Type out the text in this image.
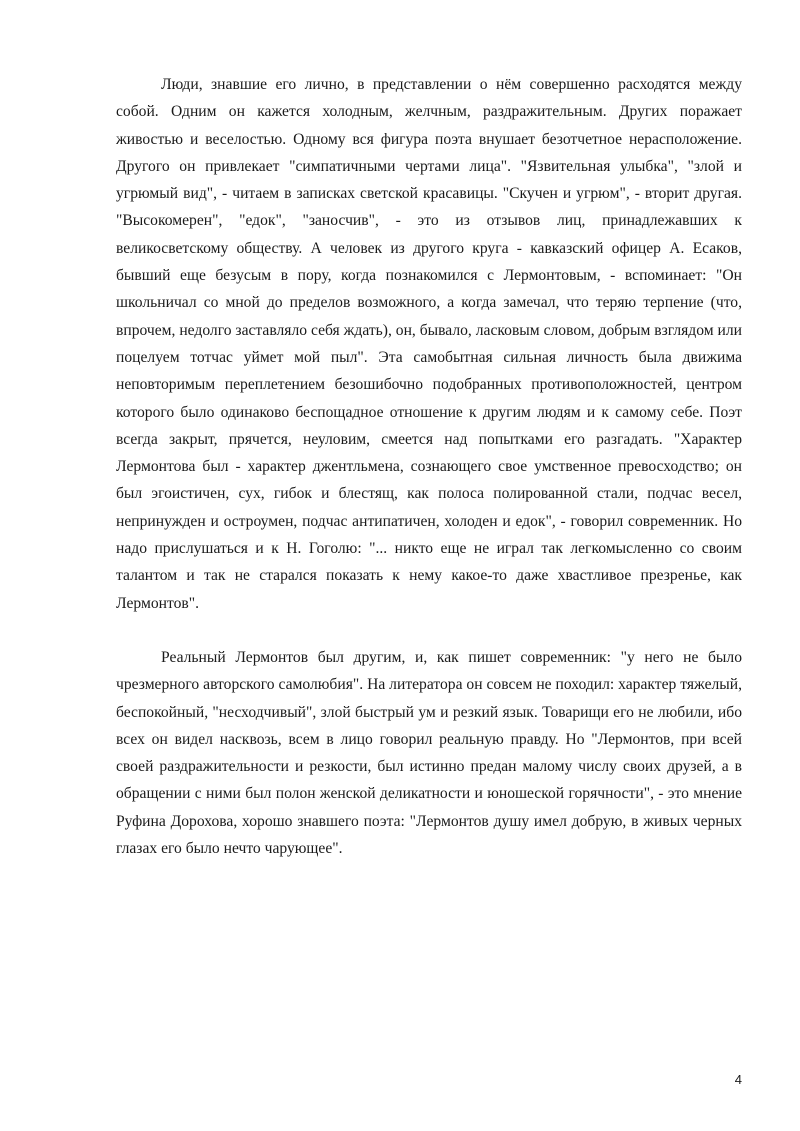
Люди, знавшие его лично, в представлении о нём совершенно расходятся между собой. Одним он кажется холодным, желчным, раздражительным. Других поражает живостью и веселостью. Одному вся фигура поэта внушает безотчетное нерасположение. Другого он привлекает "симпатичными чертами лица". "Язвительная улыбка", "злой и угрюмый вид", - читаем в записках светской красавицы. "Скучен и угрюм", - вторит другая. "Высокомерен", "едок", "заносчив", - это из отзывов лиц, принадлежавших к великосветскому обществу. А человек из другого круга - кавказский офицер А. Есаков, бывший еще безусым в пору, когда познакомился с Лермонтовым, - вспоминает: "Он школьничал со мной до пределов возможного, а когда замечал, что теряю терпение (что, впрочем, недолго заставляло себя ждать), он, бывало, ласковым словом, добрым взглядом или поцелуем тотчас уймет мой пыл". Эта самобытная сильная личность была движима неповторимым переплетением безошибочно подобранных противоположностей, центром которого было одинаково беспощадное отношение к другим людям и к самому себе. Поэт всегда закрыт, прячется, неуловим, смеется над попытками его разгадать. "Характер Лермонтова был - характер джентльмена, сознающего свое умственное превосходство; он был эгоистичен, сух, гибок и блестящ, как полоса полированной стали, подчас весел, непринужден и остроумен, подчас антипатичен, холоден и едок", - говорил современник. Но надо прислушаться и к Н. Гоголю: "... никто еще не играл так легкомысленно со своим талантом и так не старался показать к нему какое-то даже хвастливое презренье, как Лермонтов".

Реальный Лермонтов был другим, и, как пишет современник: "у него не было чрезмерного авторского самолюбия". На литератора он совсем не походил: характер тяжелый, беспокойный, "несходчивый", злой быстрый ум и резкий язык. Товарищи его не любили, ибо всех он видел насквозь, всем в лицо говорил реальную правду. Но "Лермонтов, при всей своей раздражительности и резкости, был истинно предан малому числу своих друзей, а в обращении с ними был полон женской деликатности и юношеской горячности", - это мнение Руфина Дорохова, хорошо знавшего поэта: "Лермонтов душу имел добрую, в живых черных глазах его было нечто чарующее".

4
